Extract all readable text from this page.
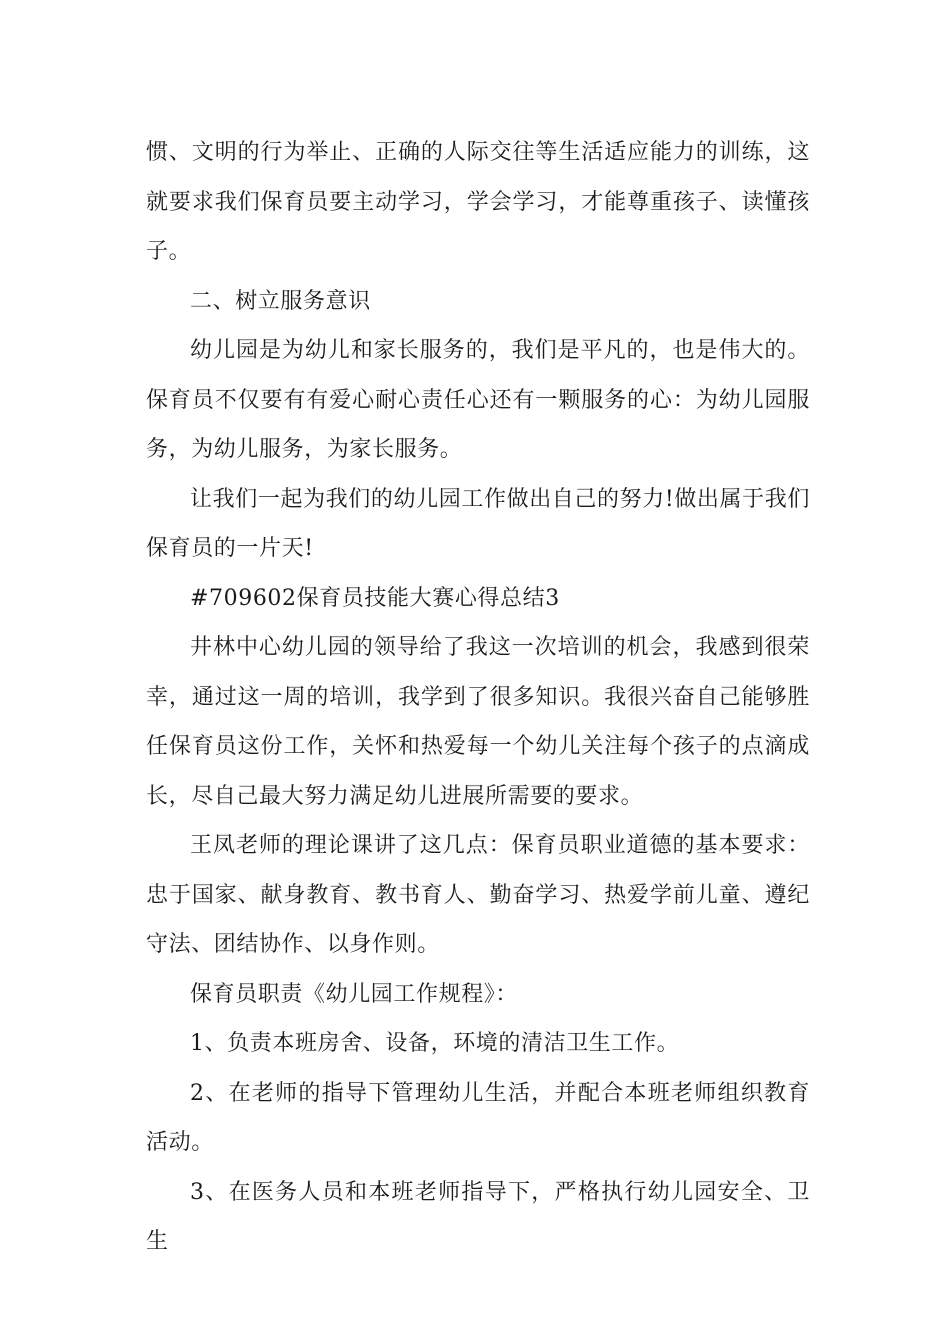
惯、文明的行为举止、正确的人际交往等生活适应能力的训练，这就要求我们保育员要主动学习，学会学习，才能尊重孩子、读懂孩子。

二、树立服务意识

幼儿园是为幼儿和家长服务的，我们是平凡的，也是伟大的。保育员不仅要有有爱心耐心责任心还有一颗服务的心：为幼儿园服务，为幼儿服务，为家长服务。

让我们一起为我们的幼儿园工作做出自己的努力!做出属于我们保育员的一片天!

#709602保育员技能大赛心得总结3

井林中心幼儿园的领导给了我这一次培训的机会，我感到很荣幸，通过这一周的培训，我学到了很多知识。我很兴奋自己能够胜任保育员这份工作，关怀和热爱每一个幼儿关注每个孩子的点滴成长，尽自己最大努力满足幼儿进展所需要的要求。

王凤老师的理论课讲了这几点：保育员职业道德的基本要求：忠于国家、献身教育、教书育人、勤奋学习、热爱学前儿童、遵纪守法、团结协作、以身作则。

保育员职责《幼儿园工作规程》：

1、负责本班房舍、设备，环境的清洁卫生工作。

2、在老师的指导下管理幼儿生活，并配合本班老师组织教育活动。

3、在医务人员和本班老师指导下，严格执行幼儿园安全、卫生
